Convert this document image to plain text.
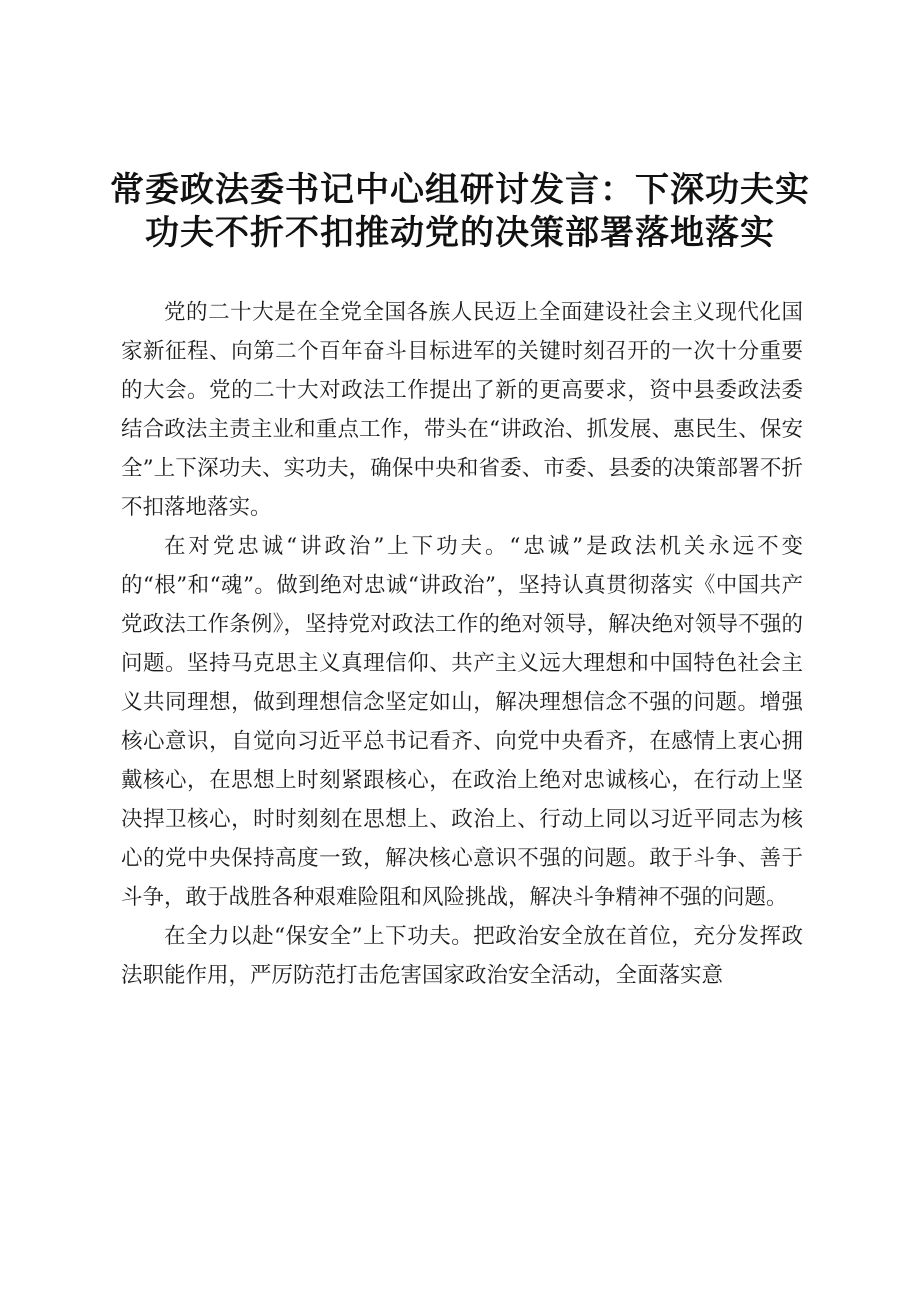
常委政法委书记中心组研讨发言：下深功夫实
功夫不折不扣推动党的决策部署落地落实

党的二十大是在全党全国各族人民迈上全面建设社会主义现代化国家新征程、向第二个百年奋斗目标进军的关键时刻召开的一次十分重要的大会。党的二十大对政法工作提出了新的更高要求，资中县委政法委结合政法主责主业和重点工作，带头在“讲政治、抓发展、惠民生、保安全”上下深功夫、实功夫，确保中央和省委、市委、县委的决策部署不折不扣落地落实。

在对党忠诚“讲政治”上下功夫。“忠诚”是政法机关永远不变的“根”和“魂”。做到绝对忠诚“讲政治”，坚持认真贯彻落实《中国共产党政法工作条例》，坚持党对政法工作的绝对领导，解决绝对领导不强的问题。坚持马克思主义真理信仰、共产主义远大理想和中国特色社会主义共同理想，做到理想信念坚定如山，解决理想信念不强的问题。增强核心意识，自觉向习近平总书记看齐、向党中央看齐，在感情上衷心拥戴核心，在思想上时刻紧跟核心，在政治上绝对忠诚核心，在行动上坚决捍卫核心，时时刻刻在思想上、政治上、行动上同以习近平同志为核心的党中央保持高度一致，解决核心意识不强的问题。敢于斗争、善于斗争，敢于战胜各种艰难险阻和风险挑战，解决斗争精神不强的问题。

在全力以赴“保安全”上下功夫。把政治安全放在首位，充分发挥政法职能作用，严厉防范打击危害国家政治安全活动，全面落实意
